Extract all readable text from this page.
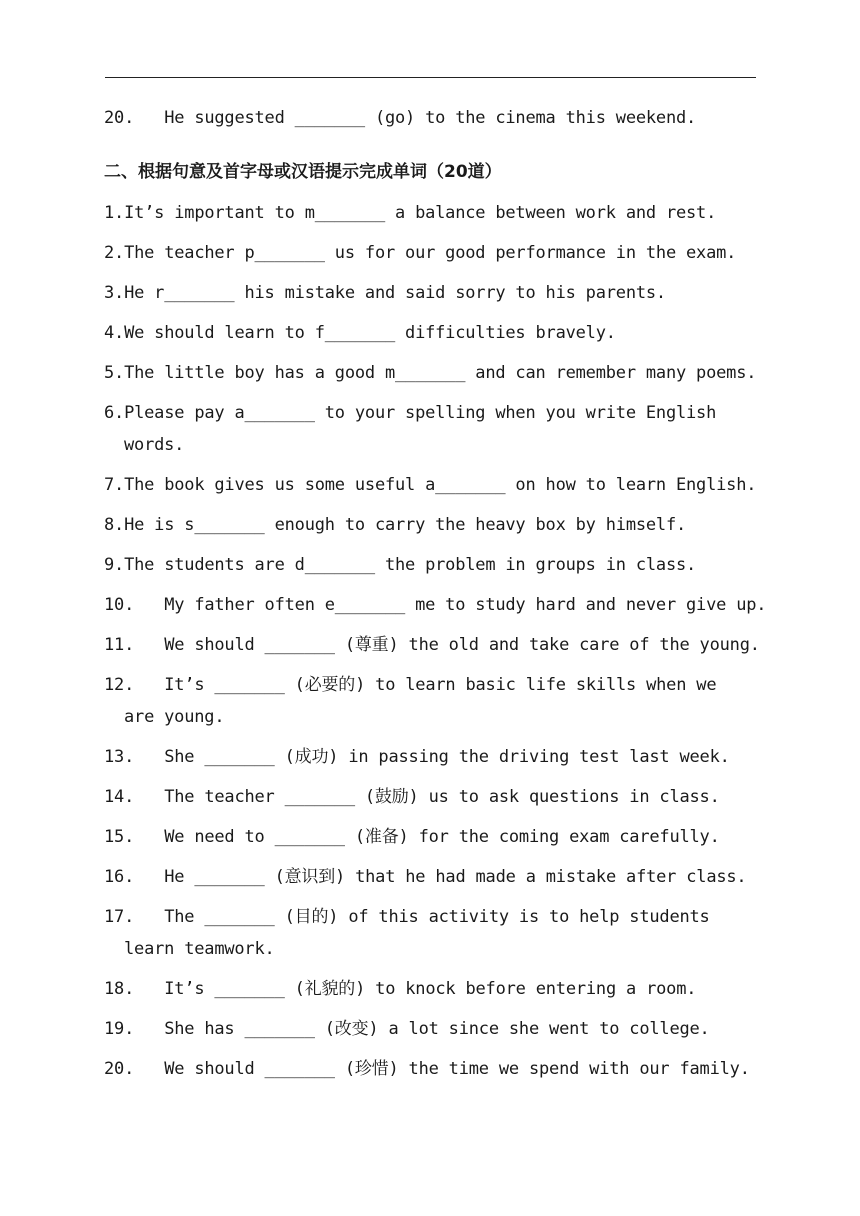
20.   He suggested _______ (go) to the cinema this weekend.
二、根据句意及首字母或汉语提示完成单词（20道）
1.It’s important to m_______ a balance between work and rest.
2.The teacher p_______ us for our good performance in the exam.
3.He r_______ his mistake and said sorry to his parents.
4.We should learn to f_______ difficulties bravely.
5.The little boy has a good m_______ and can remember many poems.
6.Please pay a_______ to your spelling when you write English
words.
7.The book gives us some useful a_______ on how to learn English.
8.He is s_______ enough to carry the heavy box by himself.
9.The students are d_______ the problem in groups in class.
10.   My father often e_______ me to study hard and never give up.
11.   We should _______ (尊重) the old and take care of the young.
12.   It’s _______ (必要的) to learn basic life skills when we
are young.
13.   She _______ (成功) in passing the driving test last week.
14.   The teacher _______ (鼓励) us to ask questions in class.
15.   We need to _______ (准备) for the coming exam carefully.
16.   He _______ (意识到) that he had made a mistake after class.
17.   The _______ (目的) of this activity is to help students
learn teamwork.
18.   It’s _______ (礼貌的) to knock before entering a room.
19.   She has _______ (改变) a lot since she went to college.
20.   We should _______ (珍惜) the time we spend with our family.
